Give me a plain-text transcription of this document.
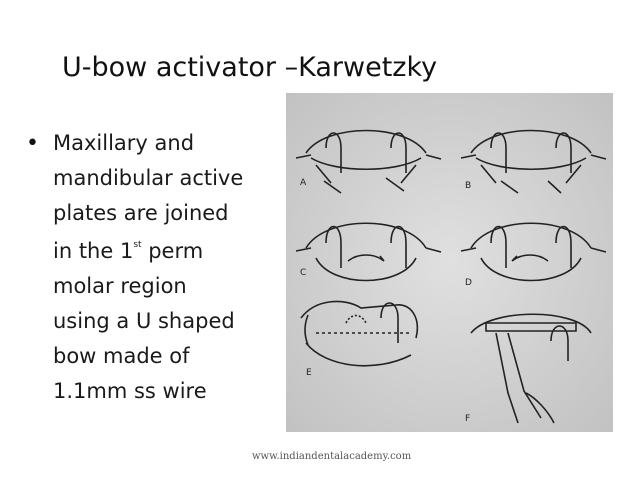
U-bow activator –Karwetzky
• Maxillary and
mandibular active
plates are joined
in the 1st perm
molar region
using a U shaped
bow made of
1.1mm ss wire
A	B
C
D
E
F
www.indiandentalacademy.com
